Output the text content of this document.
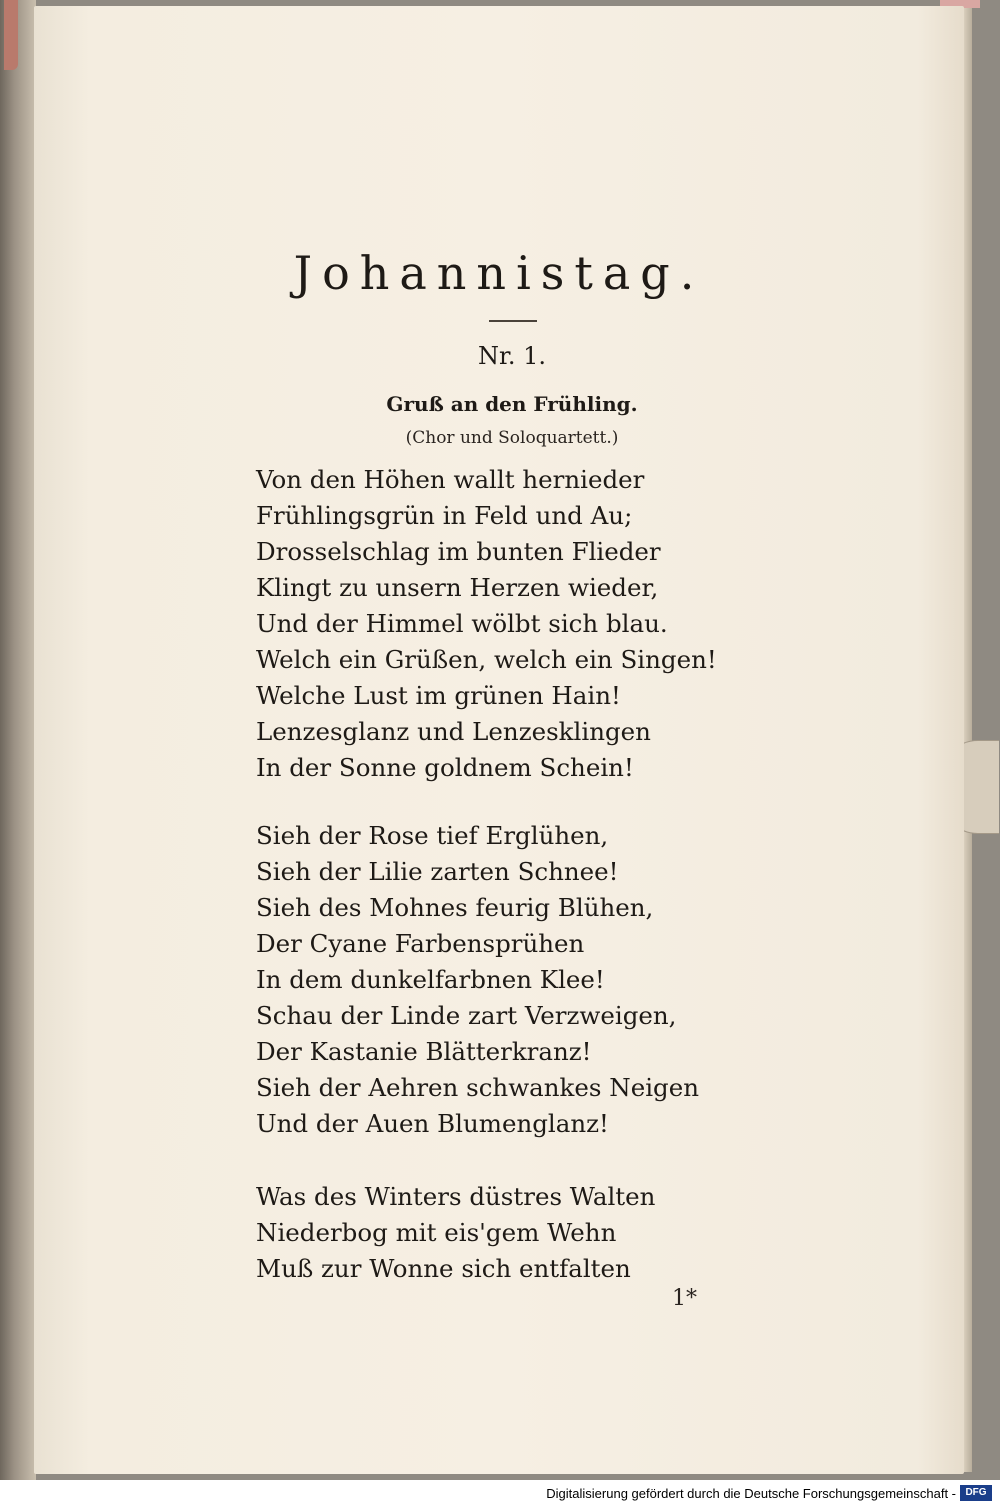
Johannistag.
Nr. 1.
Gruß an den Frühling.
(Chor und Soloquartett.)
Von den Höhen wallt hernieder
Frühlingsgrün in Feld und Au;
Drosselschlag im bunten Flieder
Klingt zu unsern Herzen wieder,
Und der Himmel wölbt sich blau.
Welch ein Grüßen, welch ein Singen!
Welche Lust im grünen Hain!
Lenzesglanz und Lenzesklingen
In der Sonne goldnem Schein!
Sieh der Rose tief Erglühen,
Sieh der Lilie zarten Schnee!
Sieh des Mohnes feurig Blühen,
Der Cyane Farbensprühen
In dem dunkelfarbnen Klee!
Schau der Linde zart Verzweigen,
Der Kastanie Blätterkranz!
Sieh der Aehren schwankes Neigen
Und der Auen Blumenglanz!
Was des Winters düstres Walten
Niederbog mit eis'gem Wehn
Muß zur Wonne sich entfalten
1*
Digitalisierung gefördert durch die Deutsche Forschungsgemeinschaft - DFG
